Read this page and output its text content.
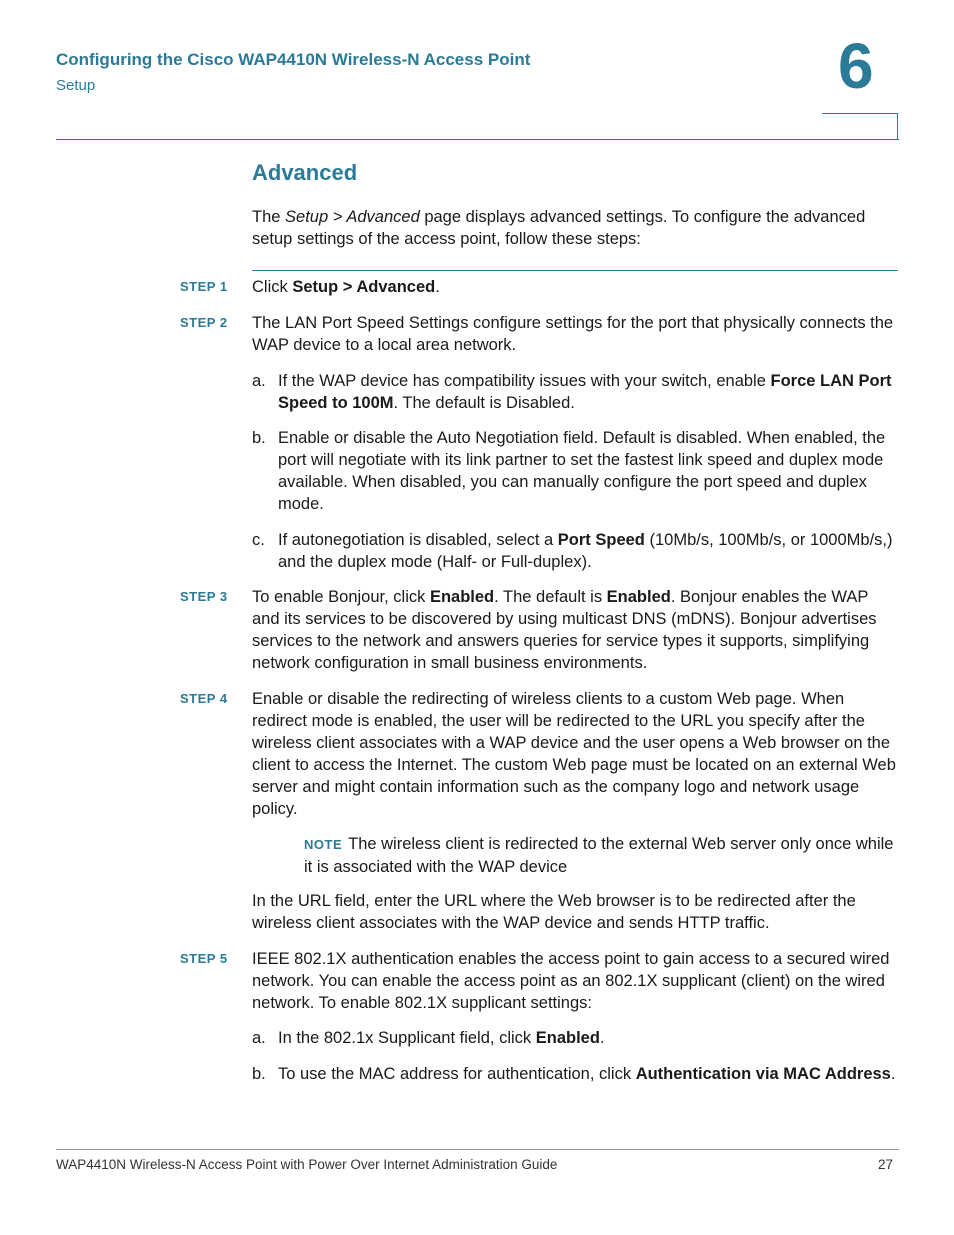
Configuring the Cisco WAP4410N Wireless-N Access Point
Setup	6
Advanced
The Setup > Advanced page displays advanced settings. To configure the advanced setup settings of the access point, follow these steps:
STEP 1 Click Setup > Advanced.
STEP 2 The LAN Port Speed Settings configure settings for the port that physically connects the WAP device to a local area network.
a. If the WAP device has compatibility issues with your switch, enable Force LAN Port Speed to 100M. The default is Disabled.
b. Enable or disable the Auto Negotiation field. Default is disabled. When enabled, the port will negotiate with its link partner to set the fastest link speed and duplex mode available. When disabled, you can manually configure the port speed and duplex mode.
c. If autonegotiation is disabled, select a Port Speed (10Mb/s, 100Mb/s, or 1000Mb/s,) and the duplex mode (Half- or Full-duplex).
STEP 3 To enable Bonjour, click Enabled. The default is Enabled. Bonjour enables the WAP and its services to be discovered by using multicast DNS (mDNS). Bonjour advertises services to the network and answers queries for service types it supports, simplifying network configuration in small business environments.
STEP 4 Enable or disable the redirecting of wireless clients to a custom Web page. When redirect mode is enabled, the user will be redirected to the URL you specify after the wireless client associates with a WAP device and the user opens a Web browser on the client to access the Internet. The custom Web page must be located on an external Web server and might contain information such as the company logo and network usage policy.
NOTE The wireless client is redirected to the external Web server only once while it is associated with the WAP device
In the URL field, enter the URL where the Web browser is to be redirected after the wireless client associates with the WAP device and sends HTTP traffic.
STEP 5 IEEE 802.1X authentication enables the access point to gain access to a secured wired network. You can enable the access point as an 802.1X supplicant (client) on the wired network. To enable 802.1X supplicant settings:
a. In the 802.1x Supplicant field, click Enabled.
b. To use the MAC address for authentication, click Authentication via MAC Address.
WAP4410N Wireless-N Access Point with Power Over Internet Administration Guide	27
